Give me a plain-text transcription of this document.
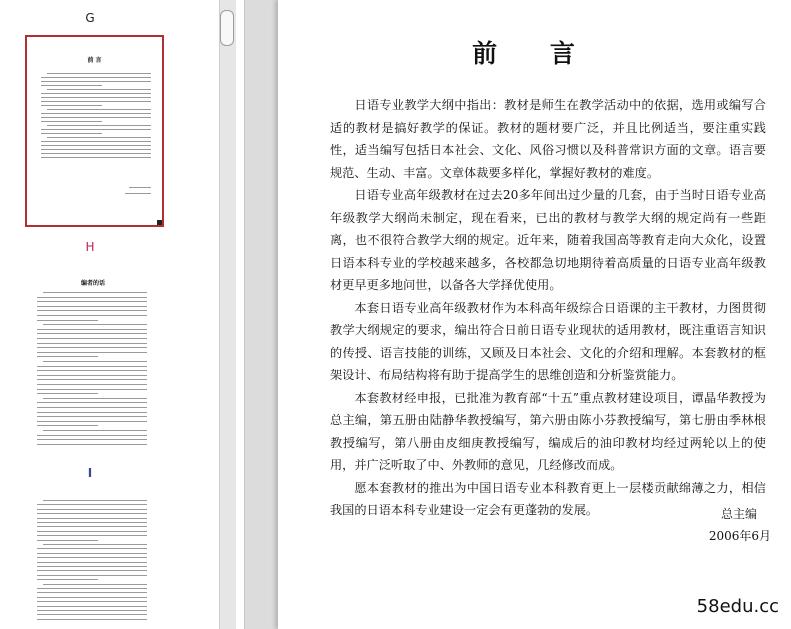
G
前 言
H
编者的话
I
前 言

日语专业教学大纲中指出：教材是师生在教学活动中的依据，选用或编写合适的教材是搞好教学的保证。教材的题材要广泛，并且比例适当，要注重实践性，适当编写包括日本社会、文化、风俗习惯以及科普常识方面的文章。语言要规范、生动、丰富。文章体裁要多样化，掌握好教材的难度。

日语专业高年级教材在过去20多年间出过少量的几套，由于当时日语专业高年级教学大纲尚未制定，现在看来，已出的教材与教学大纲的规定尚有一些距离，也不很符合教学大纲的规定。近年来，随着我国高等教育走向大众化，设置日语本科专业的学校越来越多，各校都急切地期待着高质量的日语专业高年级教材更早更多地问世，以备各大学择优使用。

本套日语专业高年级教材作为本科高年级综合日语课的主干教材，力图贯彻教学大纲规定的要求，编出符合日前日语专业现状的适用教材，既注重语言知识的传授、语言技能的训练，又顾及日本社会、文化的介绍和理解。本套教材的框架设计、布局结构将有助于提高学生的思维创造和分析鉴赏能力。

本套教材经申报，已批准为教育部“十五”重点教材建设项目，谭晶华教授为总主编，第五册由陆静华教授编写，第六册由陈小芬教授编写，第七册由季林根教授编写，第八册由皮细庚教授编写，编成后的油印教材均经过两轮以上的使用，并广泛听取了中、外教师的意见，几经修改而成。

愿本套教材的推出为中国日语专业本科教育更上一层楼贡献绵薄之力，相信我国的日语本科专业建设一定会有更蓬勃的发展。	总主编
2006年6月
58edu.cc
